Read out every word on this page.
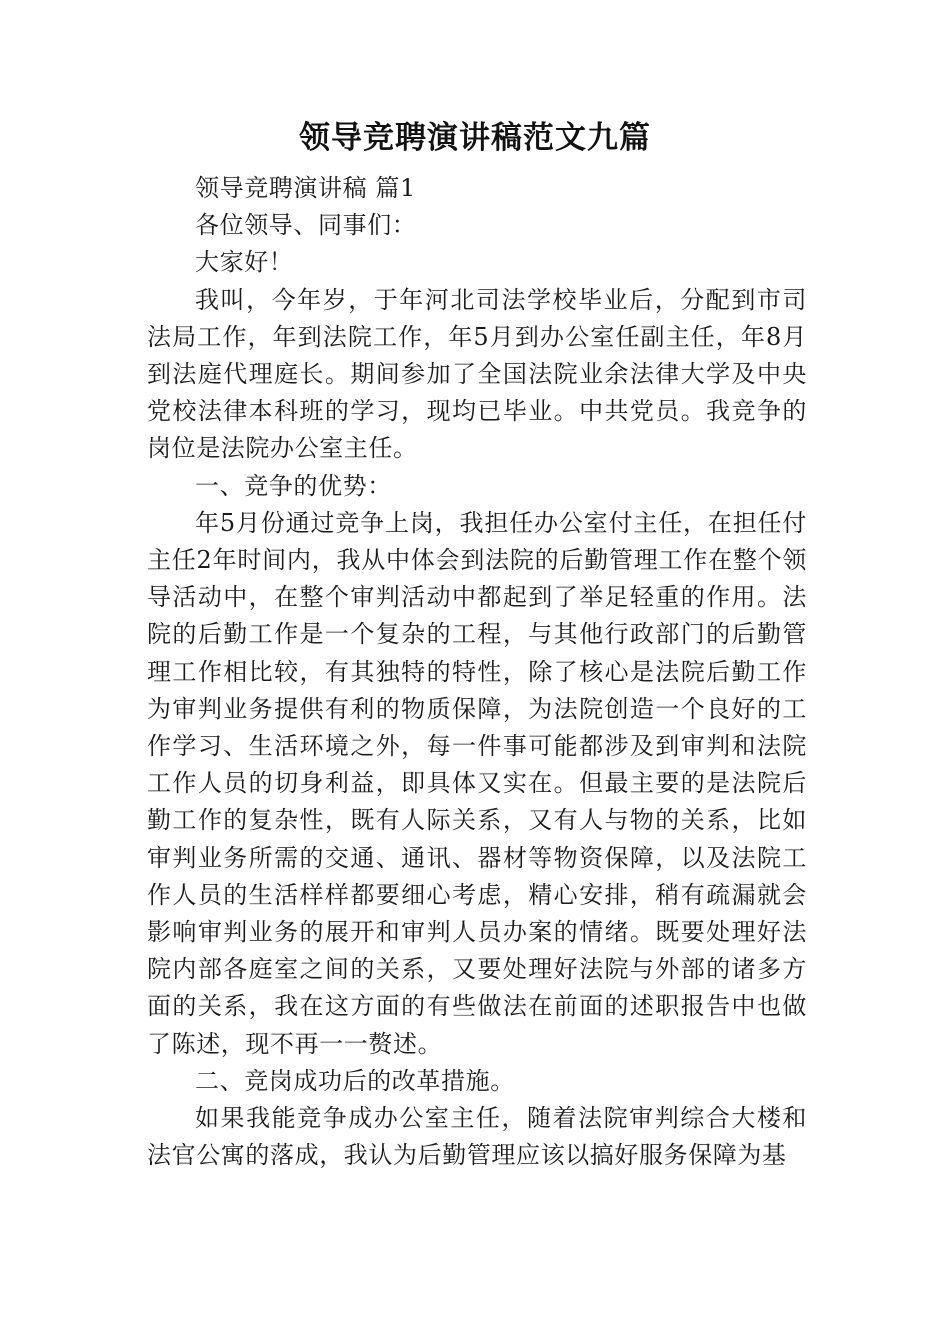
领导竞聘演讲稿范文九篇

领导竞聘演讲稿 篇1

各位领导、同事们：

大家好！

我叫，今年岁，于年河北司法学校毕业后，分配到市司法局工作，年到法院工作，年5月到办公室任副主任，年8月到法庭代理庭长。期间参加了全国法院业余法律大学及中央党校法律本科班的学习，现均已毕业。中共党员。我竞争的岗位是法院办公室主任。

一、竞争的优势：

年5月份通过竞争上岗，我担任办公室付主任，在担任付主任2年时间内，我从中体会到法院的后勤管理工作在整个领导活动中，在整个审判活动中都起到了举足轻重的作用。法院的后勤工作是一个复杂的工程，与其他行政部门的后勤管理工作相比较，有其独特的特性，除了核心是法院后勤工作为审判业务提供有利的物质保障，为法院创造一个良好的工作学习、生活环境之外，每一件事可能都涉及到审判和法院工作人员的切身利益，即具体又实在。但最主要的是法院后勤工作的复杂性，既有人际关系，又有人与物的关系，比如审判业务所需的交通、通讯、器材等物资保障，以及法院工作人员的生活样样都要细心考虑，精心安排，稍有疏漏就会影响审判业务的展开和审判人员办案的情绪。既要处理好法院内部各庭室之间的关系，又要处理好法院与外部的诸多方面的关系，我在这方面的有些做法在前面的述职报告中也做了陈述，现不再一一赘述。

二、竞岗成功后的改革措施。

如果我能竞争成办公室主任，随着法院审判综合大楼和法官公寓的落成，我认为后勤管理应该以搞好服务保障为基
